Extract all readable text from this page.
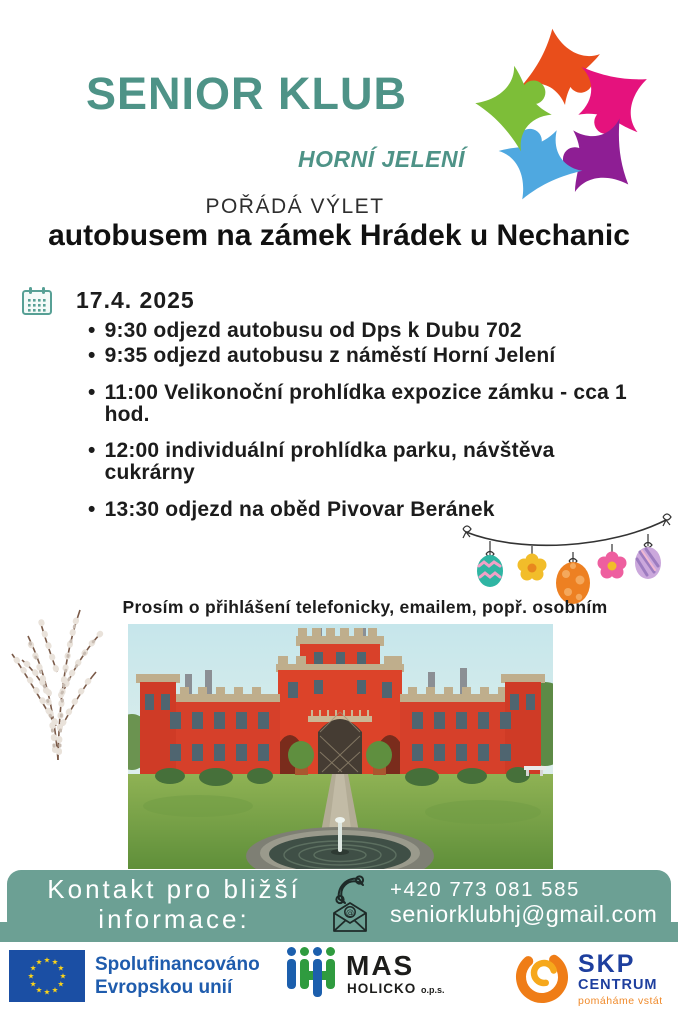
SENIOR KLUB
HORNÍ JELENÍ
POŘÁDÁ VÝLET
autobusem na zámek Hrádek u Nechanic
17.4. 2025
• 9:30 odjezd autobusu od Dps k Dubu 702
• 9:35 odjezd autobusu z náměstí Horní Jelení
• 11:00 Velikonoční prohlídka expozice zámku - cca 1 hod.
• 12:00 individuální prohlídka parku, návštěva cukrárny
• 13:30 odjezd na oběd Pivovar Beránek
Prosím o přihlášení telefonicky, emailem, popř. osobním
Kontakt pro bližší
informace:	@
+420 773 081 585
seniorklubhj@gmail.com
★ ★
★
★
★
★
★
★
★
★
★
★	Spolufinancováno
Evropskou unií
MAS
HOLICKO o.p.s.
SKP
CENTRUM
pomáháme vstát
